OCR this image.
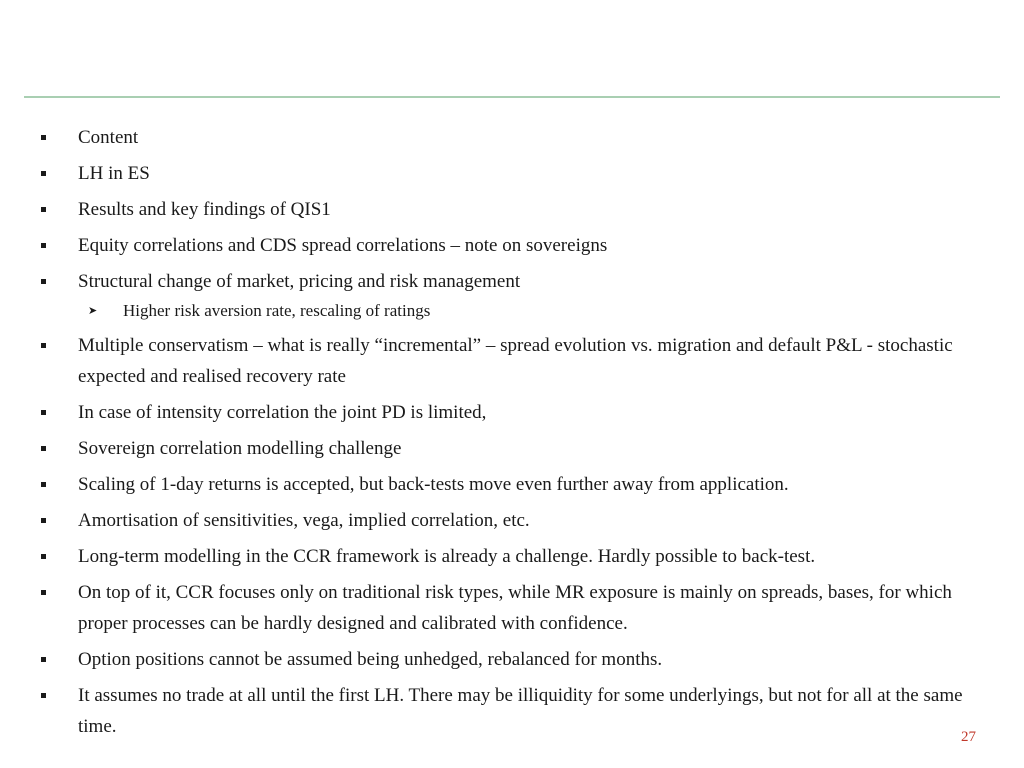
Content
LH in ES
Results and key findings of QIS1
Equity correlations and CDS spread correlations – note on sovereigns
Structural change of market, pricing and risk management
➤ Higher risk aversion rate, rescaling of ratings
Multiple conservatism – what is really “incremental” – spread evolution vs. migration and default P&L - stochastic expected and realised recovery rate
In case of intensity correlation the joint PD is limited,
Sovereign correlation modelling challenge
Scaling of 1-day returns is accepted, but back-tests move even further away from application.
Amortisation of sensitivities, vega, implied correlation, etc.
Long-term modelling in the CCR framework is already a challenge. Hardly possible to back-test.
On top of it, CCR focuses only on traditional risk types, while MR exposure is mainly on spreads, bases, for which proper processes can be hardly designed and calibrated with confidence.
Option positions cannot be assumed being unhedged, rebalanced for months.
It assumes no trade at all until the first LH. There may be illiquidity for some underlyings, but not for all at the same time.	27
